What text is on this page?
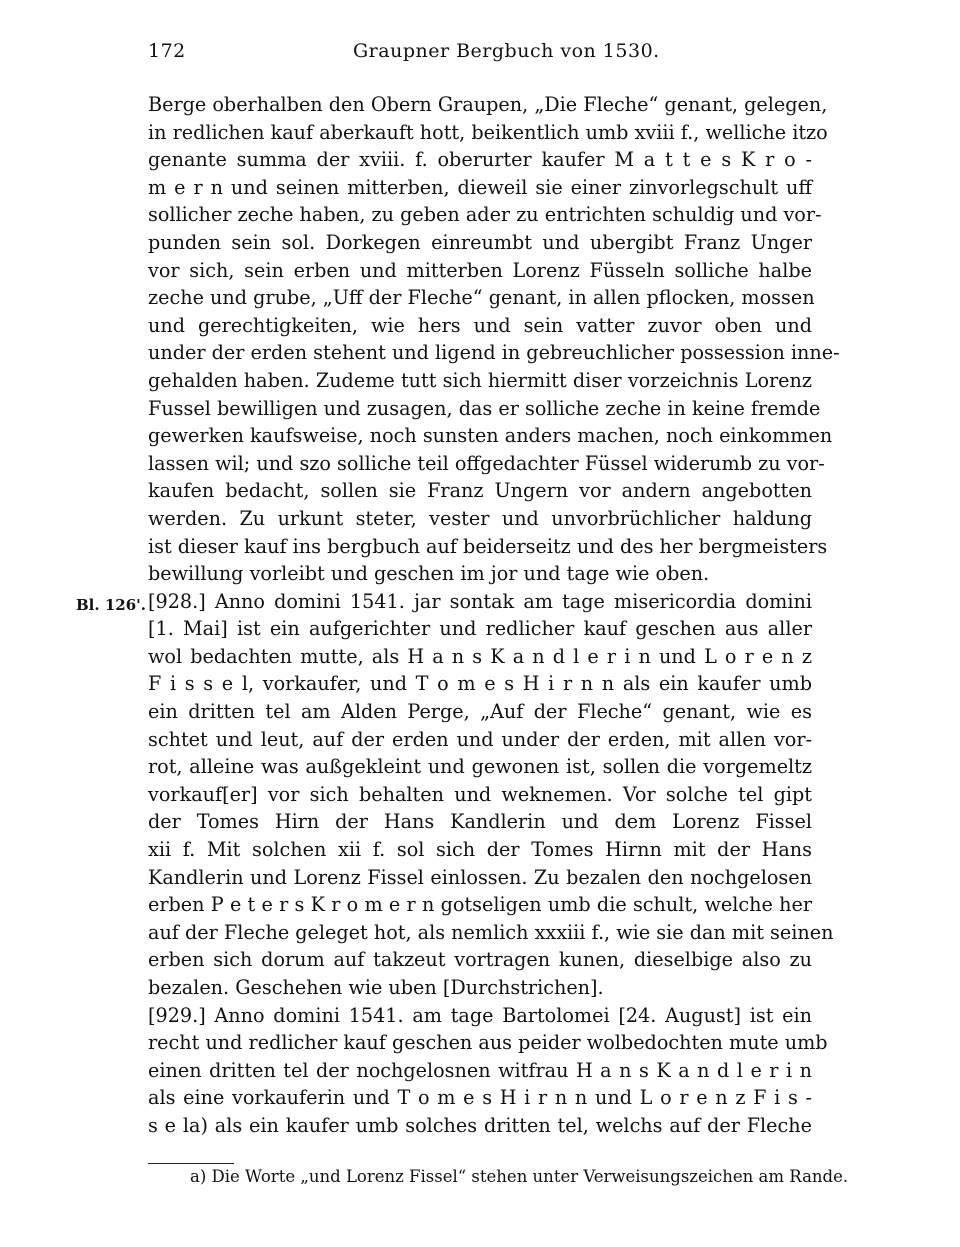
172	Graupner Bergbuch von 1530.
Bl. 126'.
Berge oberhalben den Obern Graupen, „Die Fleche“ genant, gelegen,
in redlichen kauf aberkauft hott, beikentlich umb xviii f., welliche itzo
genante summa der xviii. f. oberurter kaufer M a t t e s K r o -
m e r n und seinen mitterben, dieweil sie einer zinvorlegschult uff
sollicher zeche haben, zu geben ader zu entrichten schuldig und vor-
punden sein sol. Dorkegen einreumbt und ubergibt Franz Unger
vor sich, sein erben und mitterben Lorenz Füsseln solliche halbe
zeche und grube, „Uff der Fleche“ genant, in allen pflocken, mossen
und gerechtigkeiten, wie hers und sein vatter zuvor oben und
under der erden stehent und ligend in gebreuchlicher possession inne-
gehalden haben. Zudeme tutt sich hiermitt diser vorzeichnis Lorenz
Fussel bewilligen und zusagen, das er solliche zeche in keine fremde
gewerken kaufsweise, noch sunsten anders machen, noch einkommen
lassen wil; und szo solliche teil offgedachter Füssel widerumb zu vor-
kaufen bedacht, sollen sie Franz Ungern vor andern angebotten
werden. Zu urkunt steter, vester und unvorbrüchlicher haldung
ist dieser kauf ins bergbuch auf beiderseitz und des her bergmeisters
bewillung vorleibt und geschen im jor und tage wie oben.
[928.] Anno domini 1541. jar sontak am tage misericordia domini
[1. Mai] ist ein aufgerichter und redlicher kauf geschen aus aller
wol bedachten mutte, als H a n s K a n d l e r i n und L o r e n z
F i s s e l, vorkaufer, und T o m e s H i r n n als ein kaufer umb
ein dritten tel am Alden Perge, „Auf der Fleche“ genant, wie es
schtet und leut, auf der erden und under der erden, mit allen vor-
rot, alleine was außgekleint und gewonen ist, sollen die vorgemeltz
vorkauf[er] vor sich behalten und weknemen. Vor solche tel gipt
der Tomes Hirn der Hans Kandlerin und dem Lorenz Fissel
xii f. Mit solchen xii f. sol sich der Tomes Hirnn mit der Hans
Kandlerin und Lorenz Fissel einlossen. Zu bezalen den nochgelosen
erben P e t e r s K r o m e r n gotseligen umb die schult, welche her
auf der Fleche geleget hot, als nemlich xxxiii f., wie sie dan mit seinen
erben sich dorum auf takzeut vortragen kunen, dieselbige also zu
bezalen. Geschehen wie uben [Durchstrichen].
[929.] Anno domini 1541. am tage Bartolomei [24. August] ist ein
recht und redlicher kauf geschen aus peider wolbedochten mute umb
einen dritten tel der nochgelosnen witfrau H a n s K a n d l e r i n
als eine vorkauferin und T o m e s H i r n n und L o r e n z F i s -
s e la) als ein kaufer umb solches dritten tel, welchs auf der Fleche
a) Die Worte „und Lorenz Fissel“ stehen unter Verweisungszeichen am Rande.
